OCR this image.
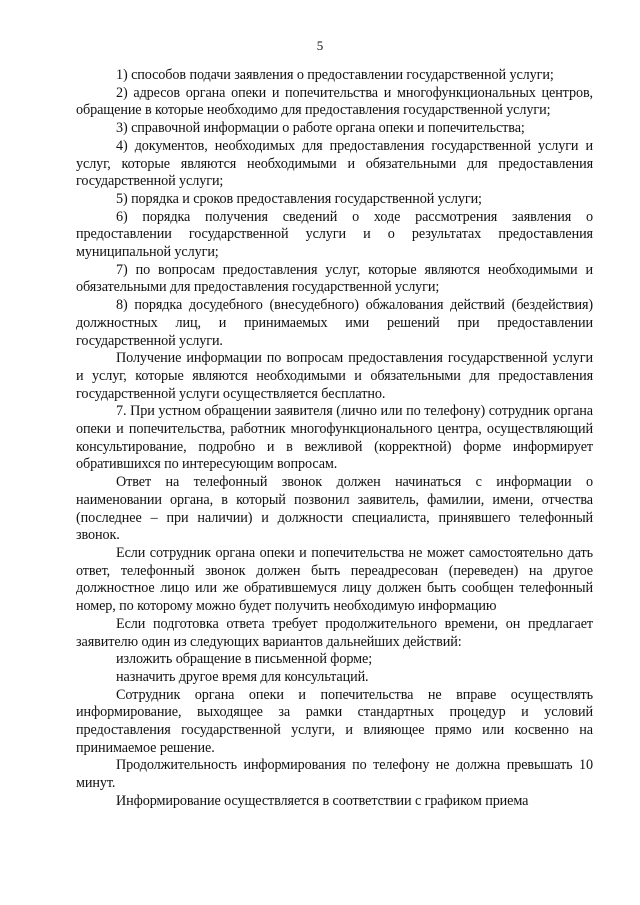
5

1) способов подачи заявления о предоставлении государственной услуги;

2) адресов органа опеки и попечительства и многофункциональных центров, обращение в которые необходимо для предоставления государственной услуги;

3) справочной информации о работе органа опеки и попечительства;

4) документов, необходимых для предоставления государственной услуги и услуг, которые являются необходимыми и обязательными для предоставления государственной услуги;

5) порядка и сроков предоставления государственной услуги;

6) порядка получения сведений о ходе рассмотрения заявления о предоставлении государственной услуги и о результатах предоставления муниципальной услуги;

7) по вопросам предоставления услуг, которые являются необходимыми и обязательными для предоставления государственной услуги;

8) порядка досудебного (внесудебного) обжалования действий (бездействия) должностных лиц, и принимаемых ими решений при предоставлении государственной услуги.

Получение информации по вопросам предоставления государственной услуги и услуг, которые являются необходимыми и обязательными для предоставления государственной услуги осуществляется бесплатно.

7. При устном обращении заявителя (лично или по телефону) сотрудник органа опеки и попечительства, работник многофункционального центра, осуществляющий консультирование, подробно и в вежливой (корректной) форме информирует обратившихся по интересующим вопросам.

Ответ на телефонный звонок должен начинаться с информации о наименовании органа, в который позвонил заявитель, фамилии, имени, отчества (последнее – при наличии) и должности специалиста, принявшего телефонный звонок.

Если сотрудник органа опеки и попечительства не может самостоятельно дать ответ, телефонный звонок должен быть переадресован (переведен) на другое должностное лицо или же обратившемуся лицу должен быть сообщен телефонный номер, по которому можно будет получить необходимую информацию

Если подготовка ответа требует продолжительного времени, он предлагает заявителю один из следующих вариантов дальнейших действий:

изложить обращение в письменной форме;

назначить другое время для консультаций.

Сотрудник органа опеки и попечительства не вправе осуществлять информирование, выходящее за рамки стандартных процедур и условий предоставления государственной услуги, и влияющее прямо или косвенно на принимаемое решение.

Продолжительность информирования по телефону не должна превышать 10 минут.

Информирование осуществляется в соответствии с графиком приема
